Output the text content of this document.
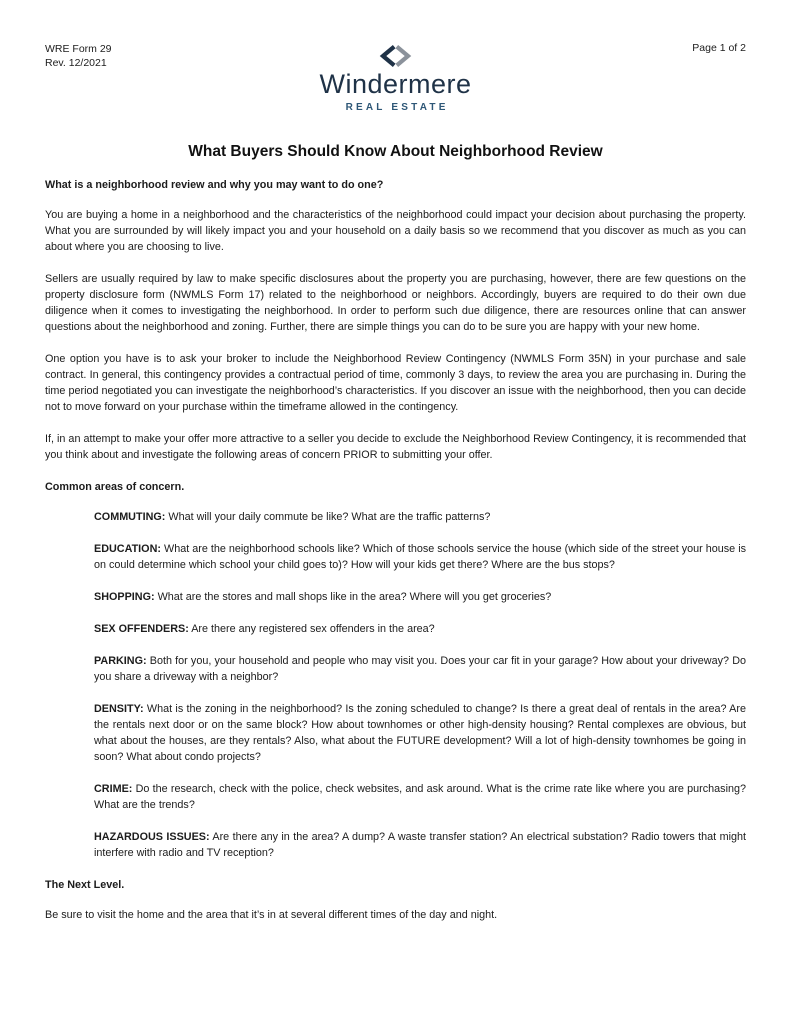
WRE Form 29
Rev. 12/2021
Windermere
REAL ESTATE
Page 1 of 2
What Buyers Should Know About Neighborhood Review

What is a neighborhood review and why you may want to do one?

You are buying a home in a neighborhood and the characteristics of the neighborhood could impact your decision about purchasing the property. What you are surrounded by will likely impact you and your household on a daily basis so we recommend that you discover as much as you can about where you are choosing to live.

Sellers are usually required by law to make specific disclosures about the property you are purchasing, however, there are few questions on the property disclosure form (NWMLS Form 17) related to the neighborhood or neighbors. Accordingly, buyers are required to do their own due diligence when it comes to investigating the neighborhood. In order to perform such due diligence, there are resources online that can answer questions about the neighborhood and zoning. Further, there are simple things you can do to be sure you are happy with your new home.

One option you have is to ask your broker to include the Neighborhood Review Contingency (NWMLS Form 35N) in your purchase and sale contract. In general, this contingency provides a contractual period of time, commonly 3 days, to review the area you are purchasing in. During the time period negotiated you can investigate the neighborhood’s characteristics. If you discover an issue with the neighborhood, then you can decide not to move forward on your purchase within the timeframe allowed in the contingency.

If, in an attempt to make your offer more attractive to a seller you decide to exclude the Neighborhood Review Contingency, it is recommended that you think about and investigate the following areas of concern PRIOR to submitting your offer.

Common areas of concern.

COMMUTING: What will your daily commute be like? What are the traffic patterns?

EDUCATION: What are the neighborhood schools like? Which of those schools service the house (which side of the street your house is on could determine which school your child goes to)? How will your kids get there? Where are the bus stops?

SHOPPING: What are the stores and mall shops like in the area? Where will you get groceries?

SEX OFFENDERS: Are there any registered sex offenders in the area?

PARKING: Both for you, your household and people who may visit you. Does your car fit in your garage? How about your driveway? Do you share a driveway with a neighbor?

DENSITY: What is the zoning in the neighborhood? Is the zoning scheduled to change? Is there a great deal of rentals in the area? Are the rentals next door or on the same block? How about townhomes or other high-density housing? Rental complexes are obvious, but what about the houses, are they rentals? Also, what about the FUTURE development? Will a lot of high-density townhomes be going in soon? What about condo projects?

CRIME: Do the research, check with the police, check websites, and ask around. What is the crime rate like where you are purchasing? What are the trends?

HAZARDOUS ISSUES: Are there any in the area? A dump? A waste transfer station? An electrical substation? Radio towers that might interfere with radio and TV reception?

The Next Level.

Be sure to visit the home and the area that it’s in at several different times of the day and night.
